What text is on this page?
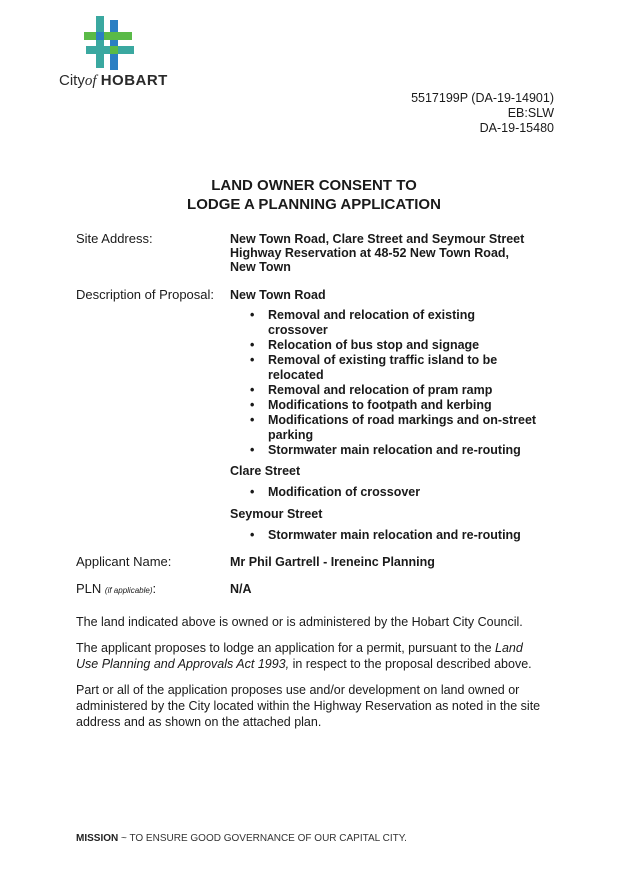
Cityof HOBART
5517199P (DA-19-14901)
EB:SLW
DA-19-15480
LAND OWNER CONSENT TO
LODGE A PLANNING APPLICATION
Site Address:	New Town Road, Clare Street and Seymour Street
Highway Reservation at 48-52 New Town Road,
New Town
Description of Proposal: New Town Road
• Removal and relocation of existing crossover
• Relocation of bus stop and signage
• Removal of existing traffic island to be relocated
• Removal and relocation of pram ramp
• Modifications to footpath and kerbing
• Modifications of road markings and on-street parking
• Stormwater main relocation and re-routing
Clare Street
• Modification of crossover
Seymour Street
• Stormwater main relocation and re-routing
Applicant Name:	Mr Phil Gartrell - Ireneinc Planning
PLN (if applicable):	N/A
The land indicated above is owned or is administered by the Hobart City Council.
The applicant proposes to lodge an application for a permit, pursuant to the Land Use Planning and Approvals Act 1993, in respect to the proposal described above.
Part or all of the application proposes use and/or development on land owned or administered by the City located within the Highway Reservation as noted in the site address and as shown on the attached plan.
MISSION ~ TO ENSURE GOOD GOVERNANCE OF OUR CAPITAL CITY.
